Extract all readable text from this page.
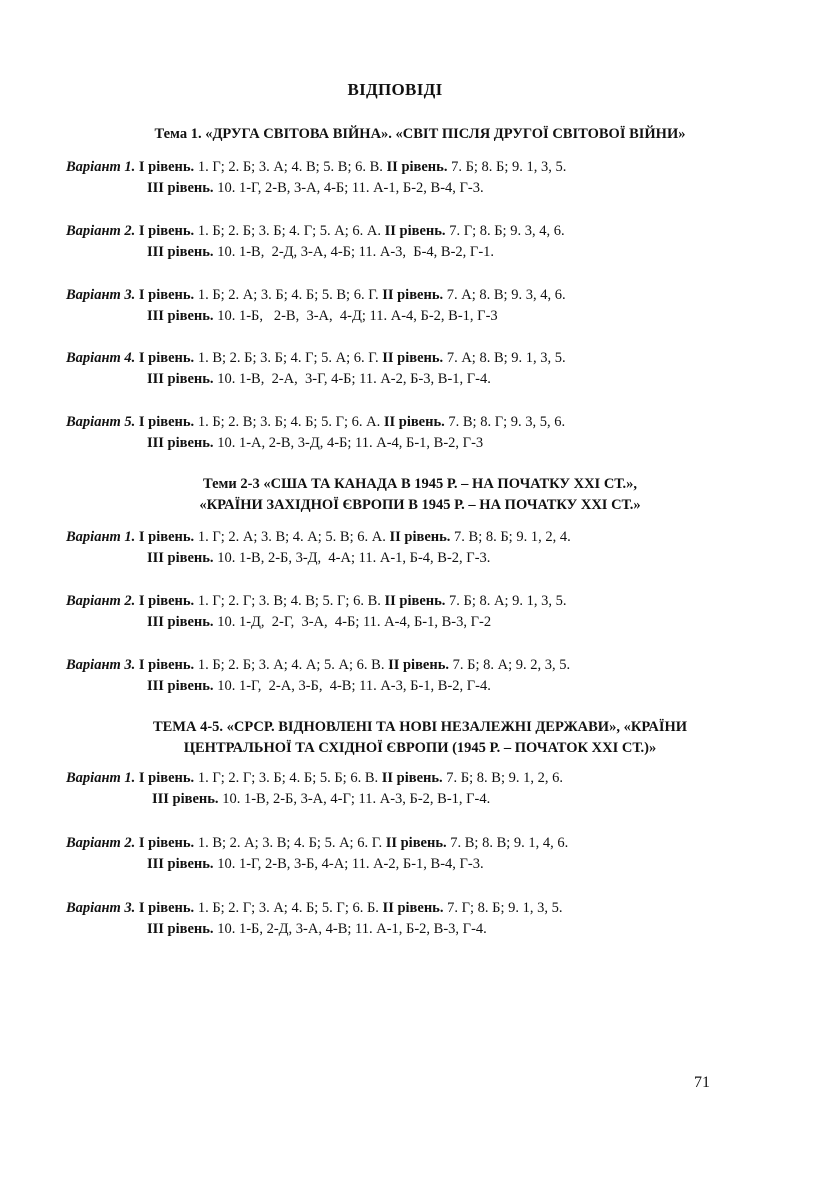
ВІДПОВІДІ
Тема 1. «ДРУГА СВІТОВА ВІЙНА». «СВІТ ПІСЛЯ ДРУГОЇ СВІТОВОЇ ВІЙНИ»
Варіант 1. І рівень. 1. Г; 2. Б; 3. А; 4. В; 5. В; 6. В. ІІ рівень. 7. Б; 8. Б; 9. 1, 3, 5.
ІІІ рівень. 10. 1-Г, 2-В, 3-А, 4-Б; 11. А-1, Б-2, В-4, Г-3.
Варіант 2. І рівень. 1. Б; 2. Б; 3. Б; 4. Г; 5. А; 6. А. ІІ рівень. 7. Г; 8. Б; 9. 3, 4, 6.
ІІІ рівень. 10. 1-В,  2-Д, 3-А, 4-Б; 11. А-3,  Б-4, В-2, Г-1.
Варіант 3. І рівень. 1. Б; 2. А; 3. Б; 4. Б; 5. В; 6. Г. ІІ рівень. 7. А; 8. В; 9. 3, 4, 6.
ІІІ рівень. 10. 1-Б,   2-В,  3-А,  4-Д; 11. А-4, Б-2, В-1, Г-3
Варіант 4. І рівень. 1. В; 2. Б; 3. Б; 4. Г; 5. А; 6. Г. ІІ рівень. 7. А; 8. В; 9. 1, 3, 5.
ІІІ рівень. 10. 1-В,  2-А,  3-Г, 4-Б; 11. А-2, Б-3, В-1, Г-4.
Варіант 5. І рівень. 1. Б; 2. В; 3. Б; 4. Б; 5. Г; 6. А. ІІ рівень. 7. В; 8. Г; 9. 3, 5, 6.
ІІІ рівень. 10. 1-А, 2-В, 3-Д, 4-Б; 11. А-4, Б-1, В-2, Г-3
Теми 2-3 «США ТА КАНАДА В 1945 Р. – НА ПОЧАТКУ ХХІ СТ.»,
«КРАЇНИ ЗАХІДНОЇ ЄВРОПИ В 1945 Р. – НА ПОЧАТКУ ХХІ СТ.»
Варіант 1. І рівень. 1. Г; 2. А; 3. В; 4. А; 5. В; 6. А. ІІ рівень. 7. В; 8. Б; 9. 1, 2, 4.
ІІІ рівень. 10. 1-В, 2-Б, 3-Д,  4-А; 11. А-1, Б-4, В-2, Г-3.
Варіант 2. І рівень. 1. Г; 2. Г; 3. В; 4. В; 5. Г; 6. В. ІІ рівень. 7. Б; 8. А; 9. 1, 3, 5.
ІІІ рівень. 10. 1-Д,  2-Г,  3-А,  4-Б; 11. А-4, Б-1, В-3, Г-2
Варіант 3. І рівень. 1. Б; 2. Б; 3. А; 4. А; 5. А; 6. В. ІІ рівень. 7. Б; 8. А; 9. 2, 3, 5.
ІІІ рівень. 10. 1-Г,  2-А, 3-Б,  4-В; 11. А-3, Б-1, В-2, Г-4.
ТЕМА 4-5. «СРСР. ВІДНОВЛЕНІ ТА НОВІ НЕЗАЛЕЖНІ ДЕРЖАВИ», «КРАЇНИ
ЦЕНТРАЛЬНОЇ ТА СХІДНОЇ ЄВРОПИ (1945 Р. – ПОЧАТОК ХХІ СТ.)»
Варіант 1. І рівень. 1. Г; 2. Г; 3. Б; 4. Б; 5. Б; 6. В. ІІ рівень. 7. Б; 8. В; 9. 1, 2, 6.
ІІІ рівень. 10. 1-В, 2-Б, 3-А, 4-Г; 11. А-3, Б-2, В-1, Г-4.
Варіант 2. І рівень. 1. В; 2. А; 3. В; 4. Б; 5. А; 6. Г. ІІ рівень. 7. В; 8. В; 9. 1, 4, 6.
ІІІ рівень. 10. 1-Г, 2-В, 3-Б, 4-А; 11. А-2, Б-1, В-4, Г-3.
Варіант 3. І рівень. 1. Б; 2. Г; 3. А; 4. Б; 5. Г; 6. Б. ІІ рівень. 7. Г; 8. Б; 9. 1, 3, 5.
ІІІ рівень. 10. 1-Б, 2-Д, 3-А, 4-В; 11. А-1, Б-2, В-3, Г-4.
71
